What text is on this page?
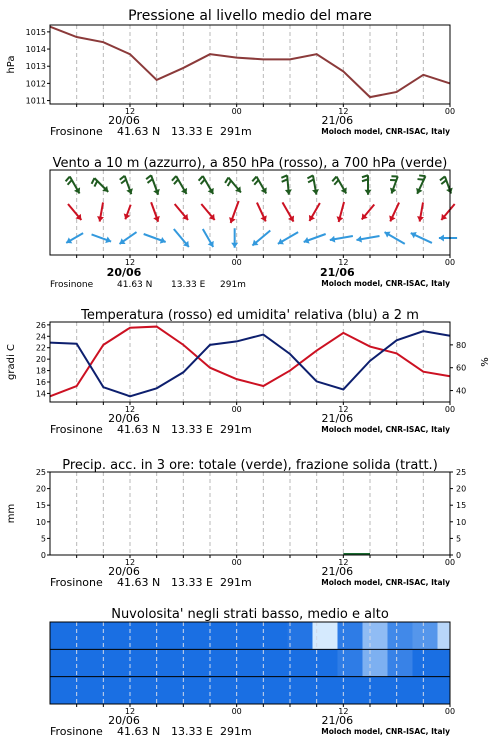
Pressione al livello medio del mare
1011
1012
1013
1014
1015
hPa
12	00	12	00
20/06	21/06
Frosinone 41.63 N 13.33 E 291m	Moloch model, CNR-ISAC, Italy
Vento a 10 m (azzurro), a 850 hPa (rosso), a 700 hPa (verde)
12	00	12	00
20/06	21/06
Frosinone	41.63 N 13.33 E 291m	Moloch model, CNR-ISAC, Italy
Temperatura (rosso) ed umidita' relativa (blu) a 2 m
14
16
18
20
22
24
26
40
60
80
gradi C	%
12	00	12	00
20/06	21/06
Frosinone 41.63 N 13.33 E 291m	Moloch model, CNR-ISAC, Italy
Precip. acc. in 3 ore: totale (verde), frazione solida (tratt.)
0	0
5	5
10	10
15	15
20	20
25	25
mm
12	00	12	00
20/06	21/06
Frosinone 41.63 N 13.33 E 291m	Moloch model, CNR-ISAC, Italy
Nuvolosita' negli strati basso, medio e alto
12	00	12	00
20/06	21/06
Frosinone 41.63 N 13.33 E 291m	Moloch model, CNR-ISAC, Italy
